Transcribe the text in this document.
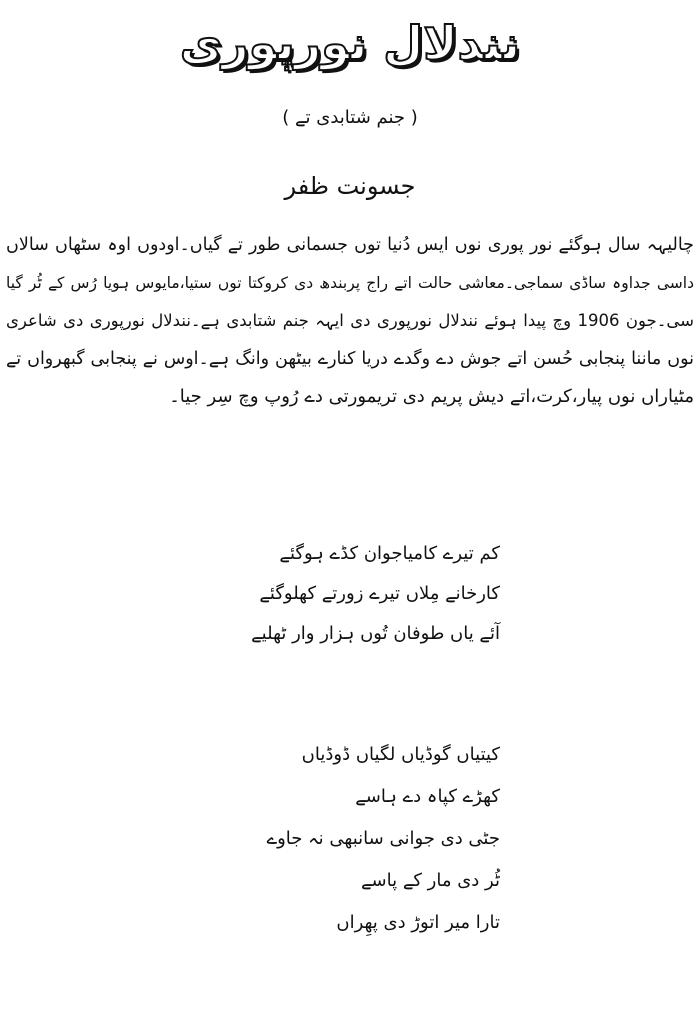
نندلال نورپوری
( جنم شتابدی تے )
جسونت ظفر
چالیہہ سال ہوگئے نور پوری نوں ایس دُنیا توں جسمانی طور تے گیاں۔اودوں اوہ سٹھاں سالاں
داسی جداوہ ساڈی سماجی۔معاشی حالت اتے راج پربندھ دی کروکتا توں ستیا،مایوس ہویا رُس کے ٹُر گیا
سی۔جون 1906 وچ پیدا ہوئے نندلال نورپوری دی ایہہ جنم شتابدی ہے۔نندلال نورپوری دی شاعری
نوں ماننا پنجابی حُسن اتے جوش دے وگدے دریا کنارے بیٹھن وانگ ہے۔اوس نے پنجابی گبھرواں تے
مٹیاراں نوں پیار،کرت،اتے دیش پریم دی تریمورتی دے رُوپ وچ سِر جیا۔
کم تیرے کامیاجوان کڈے ہوگئے
کارخانے مِلاں تیرے زورتے کھلوگئے
آئے یاں طوفان تُوں ہزار وار ٹھلیے
کیتیاں گوڈیاں لگیاں ڈوڈیاں
کھڑے کپاہ دے ہاسے
جٹی دی جوانی سانبھی نہ جاوے
ٹُر دی مار کے پاسے
تارا میر اتوڑ دی پھِراں
